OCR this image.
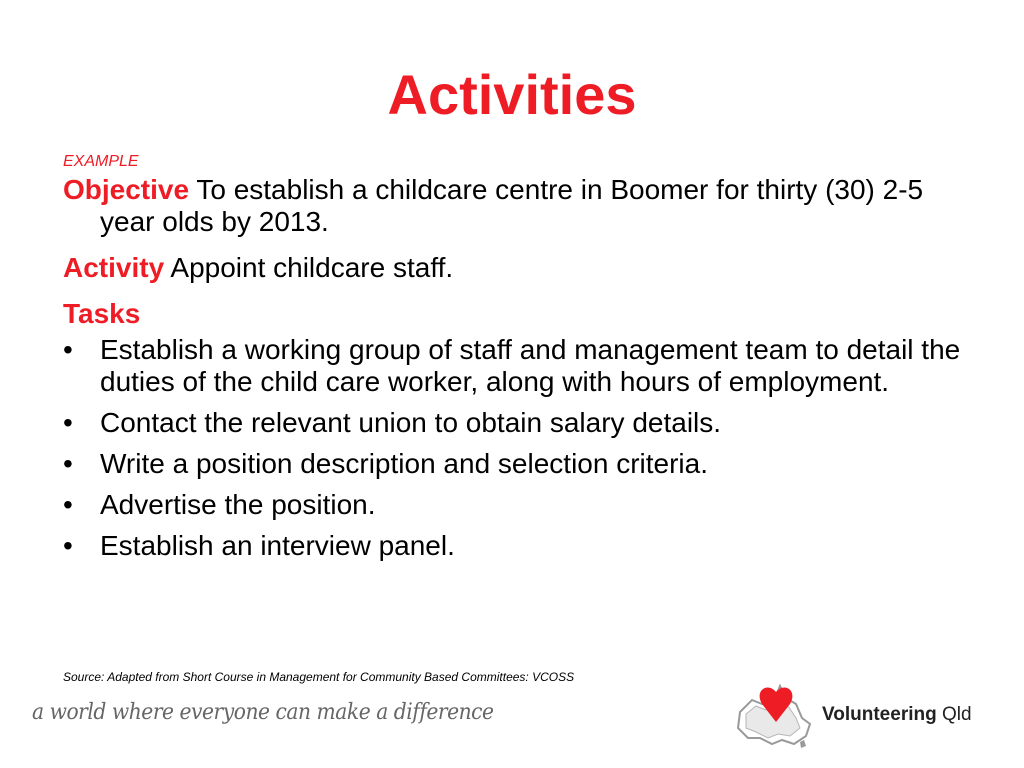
Activities
EXAMPLE

Objective To establish a childcare centre in Boomer for thirty (30) 2-5 year olds by 2013.

Activity Appoint childcare staff.

Tasks
• Establish a working group of staff and management team to detail the duties of the child care worker, along with hours of employment.
• Contact the relevant union to obtain salary details.
• Write a position description and selection criteria.
• Advertise the position.
• Establish an interview panel.
Source: Adapted from Short Course in Management for Community Based Committees: VCOSS
a world where everyone can make a difference	Volunteering Qld
